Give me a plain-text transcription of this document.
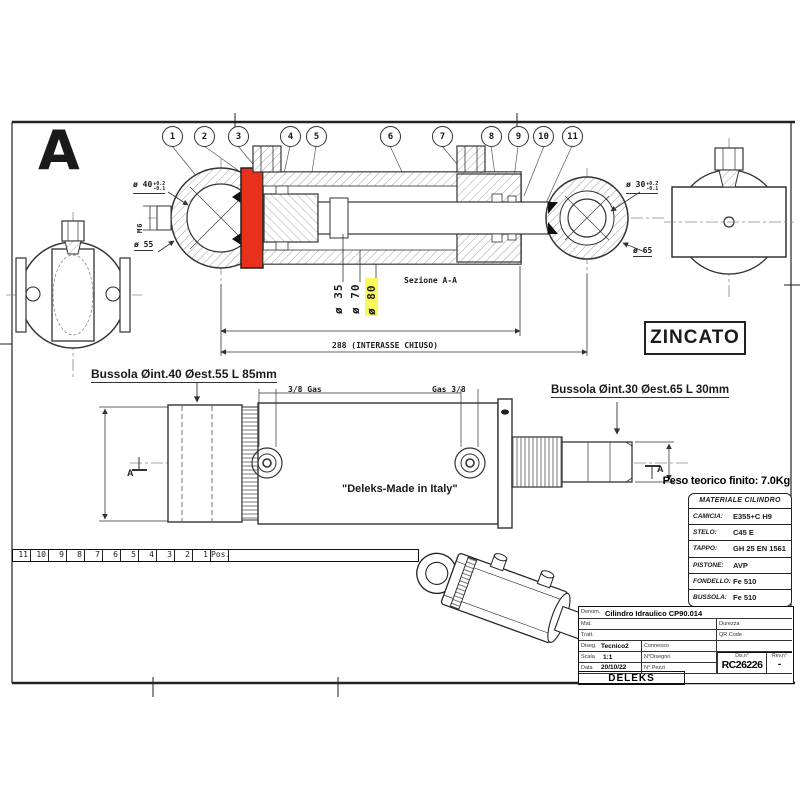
A	1	2	3	4	5	6	7	8	9	10	11
ø 40 +0.2
-0.1
M6
ø 55
ø 30 +0.2
-0.1
ø 65
ø 35 ø 70 ø 80
288 (INTERASSE CHIUSO)
Sezione A-A
Bussola Øint.40 Øest.55 L 85mm
Bussola Øint.30 Øest.65 L 30mm
3/8 Gas	Gas 3/8
A	A
"Deleks-Made in Italy"
Peso teorico finito: 7.0Kg
ZINCATO
11	10	9	8	7	6	5	4	3	2	1 Pos.
MATERIALE CILINDRO
CAMICIA: E355+C H9
STELO: C45 E
TAPPO: GH 25 EN 1561
PISTONE: AVP
FONDELLO: Fe 510
BUSSOLA: Fe 510
Denom. Cilindro Idraulico CP90.014
Mat.	Durezza
Tratt.	QR Code
Diseg. Tecnico2	Connesso
Scala 1:1	N°Disegno
Data 20/10/22	N° Pezzi
Dis.n°
RC26226
Rev.n°
-
DELEKS
